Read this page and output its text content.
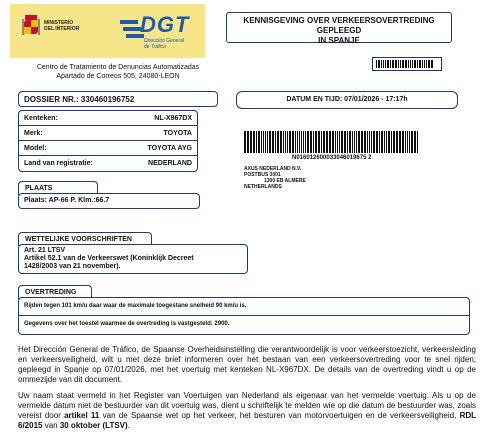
MINISTERIO
DEL INTERIOR	DGT
Dirección General
de Tráfico
Centro de Tratamiento de Denuncias Automatizadas
Apartado de Correos 505, 24080-LEON
KENNISGEVING OVER VERKEERSOVERTREDING GEPLEEGD
IN SPANJE
DOSSIER NR.: 330460196752
Kenteken:	NL-X967DX
Merk:	TOYOTA
Model:	TOYOTA AYG
Land van registratie:	NEDERLAND
DATUM EN TIJD: 07/01/2026 - 17:17h
N016012600033046019675 2
AXUS NEDERLAND N.V.
POSTBUS 3001
1300 EB ALMERE
NETHERLANDS
PLAATS
Plaats: AP-66 P. Klm.:66.7
WETTELIJKE VOORSCHRIFTEN
Art. 21 LTSV
Artikel 52.1 van de Verkeerswet (Koninklijk Decreet
1428/2003 van 21 november).
OVERTREDING
Rijden tegen 101 km/u daar waar de maximale toegestane snelheid 90 km/u is.
Gegevens over het toestel waarmee de overtreding is vastgesteld: 2900.
Het Dirección General de Tráfico, de Spaanse Overheidsinstelling die verantwoordelijk is voor verkeerstoezicht, verkeersleiding en verkeersveiligheid, wilt u met deze brief informeren over het bestaan van een verkeersovertreding voor te snel rijden, gepleegd in Spanje op 07/01/2026, met het voertuig met kenteken NL-X967DX. De details van de overtreding vindt u op de ommezijde van dit document.
Uw naam staat vermeld in het Register van Voertuigen van Nederland als eigenaar van het vermelde voertuig. Als u op de vermelde datum niet de bestuurder van dit voertuig was, dient u schriftelijk te melden wie op die datum de bestuurder was, zoals vereist door artikel 11 van de Spaanse wet op het verkeer, het besturen van motorvoertuigen en de verkeersveiligheid, RDL 6/2015 van 30 oktober (LTSV).
